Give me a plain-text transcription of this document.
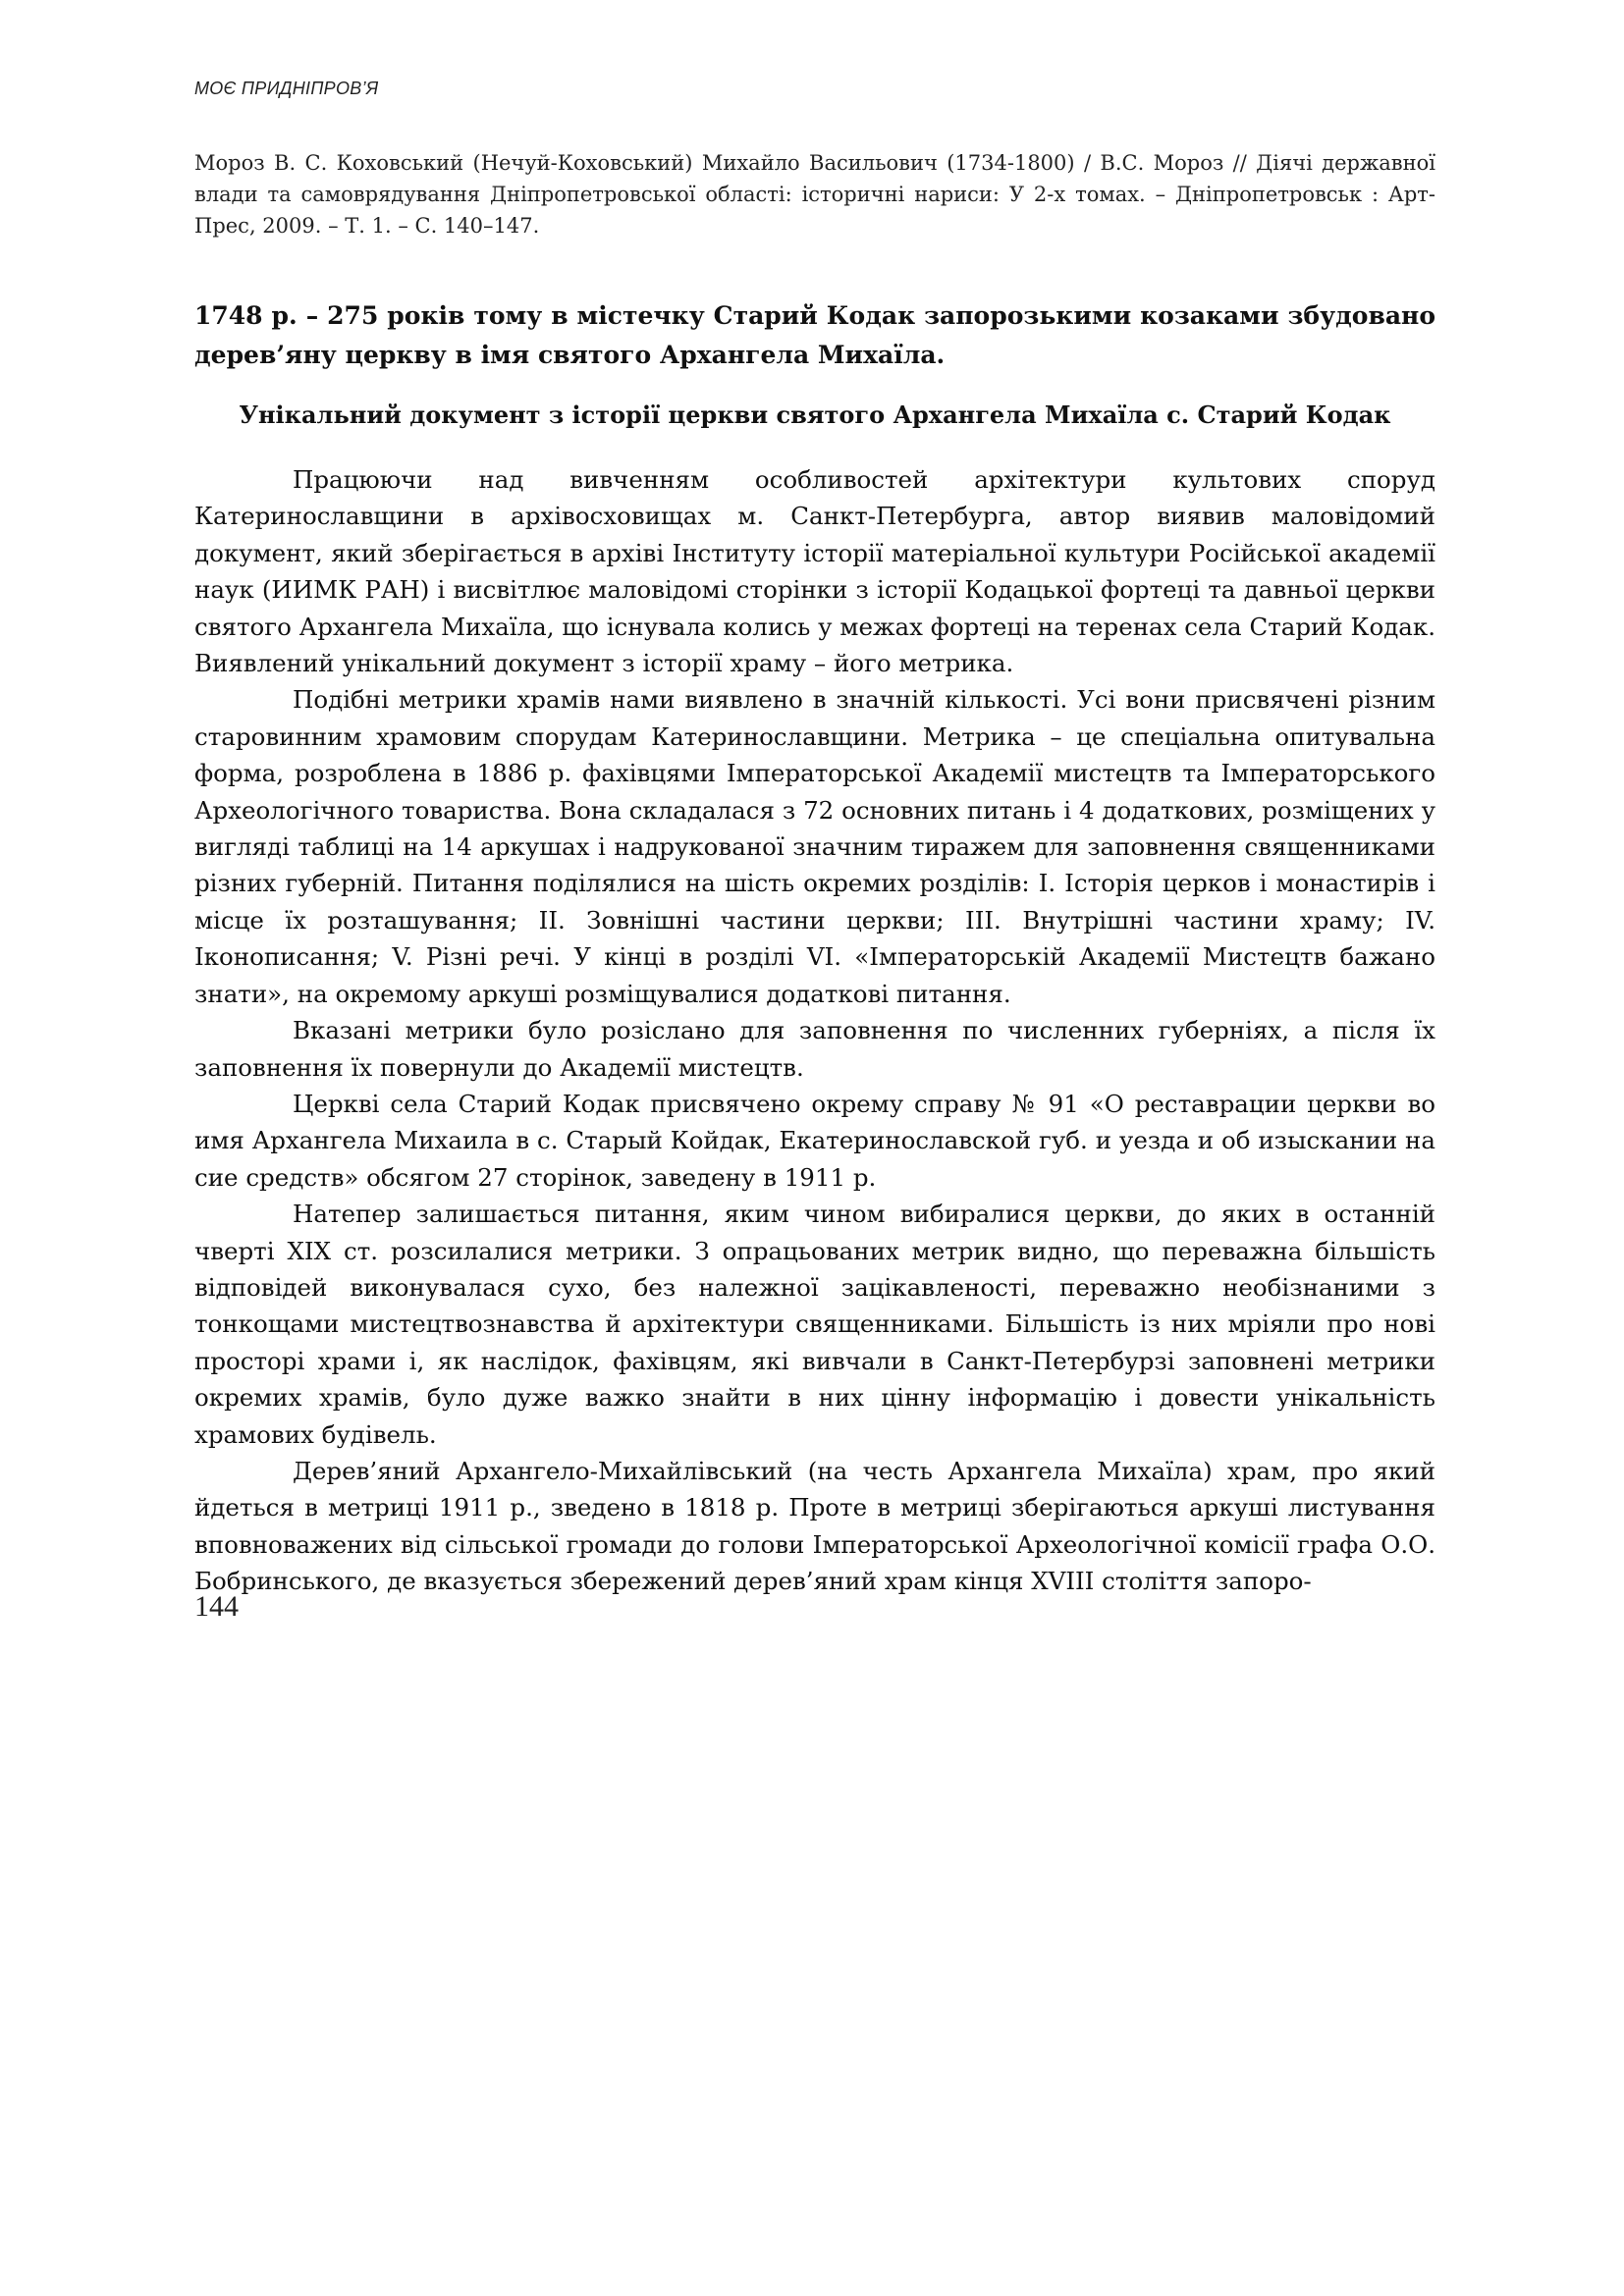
МОЄ ПРИДНІПРОВ’Я
Мороз В. С. Коховський (Нечуй-Коховський) Михайло Васильович (1734-1800) / В.С. Мороз // Діячі державної влади та самоврядування Дніпропетровської області: історичні нариси: У 2-х томах. – Дніпропетровськ : Арт-Прес, 2009. – Т. 1. – С. 140–147.
1748 р. – 275 років тому в містечку Старий Кодак запорозькими козаками збудовано дерев’яну церкву в імя святого Архангела Михаїла.
Унікальний документ з історії церкви святого Архангела Михаїла с. Старий Кодак

Працюючи над вивченням особливостей архітектури культових споруд Катеринославщини в архівосховищах м. Санкт-Петербурга, автор виявив маловідомий документ, який зберігається в архіві Інституту історії матеріальної культури Російської академії наук (ИИМК РАН) і висвітлює маловідомі сторінки з історії Кодацької фортеці та давньої церкви святого Архангела Михаїла, що існувала колись у межах фортеці на теренах села Старий Кодак. Виявлений унікальний документ з історії храму – його метрика.

Подібні метрики храмів нами виявлено в значній кількості. Усі вони присвячені різним старовинним храмовим спорудам Катеринославщини. Метрика – це спеціальна опитувальна форма, розроблена в 1886 р. фахівцями Імператорської Академії мистецтв та Імператорського Археологічного товариства. Вона складалася з 72 основних питань і 4 додаткових, розміщених у вигляді таблиці на 14 аркушах і надрукованої значним тиражем для заповнення священниками різних губерній. Питання поділялися на шість окремих розділів: I. Історія церков і монастирів і місце їх розташування; II. Зовнішні частини церкви; III. Внутрішні частини храму; IV. Іконописання; V. Різні речі. У кінці в розділі VI. «Імператорській Академії Мистецтв бажано знати», на окремому аркуші розміщувалися додаткові питання.

Вказані метрики було розіслано для заповнення по численних губерніях, а після їх заповнення їх повернули до Академії мистецтв.

Церкві села Старий Кодак присвячено окрему справу № 91 «О реставрации церкви во имя Архангела Михаила в с. Старый Койдак, Екатеринославской губ. и уезда и об изыскании на сие средств» обсягом 27 сторінок, заведену в 1911 р.

Натепер залишається питання, яким чином вибиралися церкви, до яких в останній чверті XIX ст. розсилалися метрики. З опрацьованих метрик видно, що переважна більшість відповідей виконувалася сухо, без належної зацікавленості, переважно необізнаними з тонкощами мистецтвознавства й архітектури священниками. Більшість із них мріяли про нові просторі храми і, як наслідок, фахівцям, які вивчали в Санкт-Петербурзі заповнені метрики окремих храмів, було дуже важко знайти в них цінну інформацію і довести унікальність храмових будівель.

Дерев’яний Архангело-Михайлівський (на честь Архангела Михаїла) храм, про який йдеться в метриці 1911 р., зведено в 1818 р. Проте в метриці зберігаються аркуші листування вповноважених від сільської громади до голови Імператорської Археологічної комісії графа О.О. Бобринського, де вказується збережений дерев’яний храм кінця XVIII століття запоро-

144
